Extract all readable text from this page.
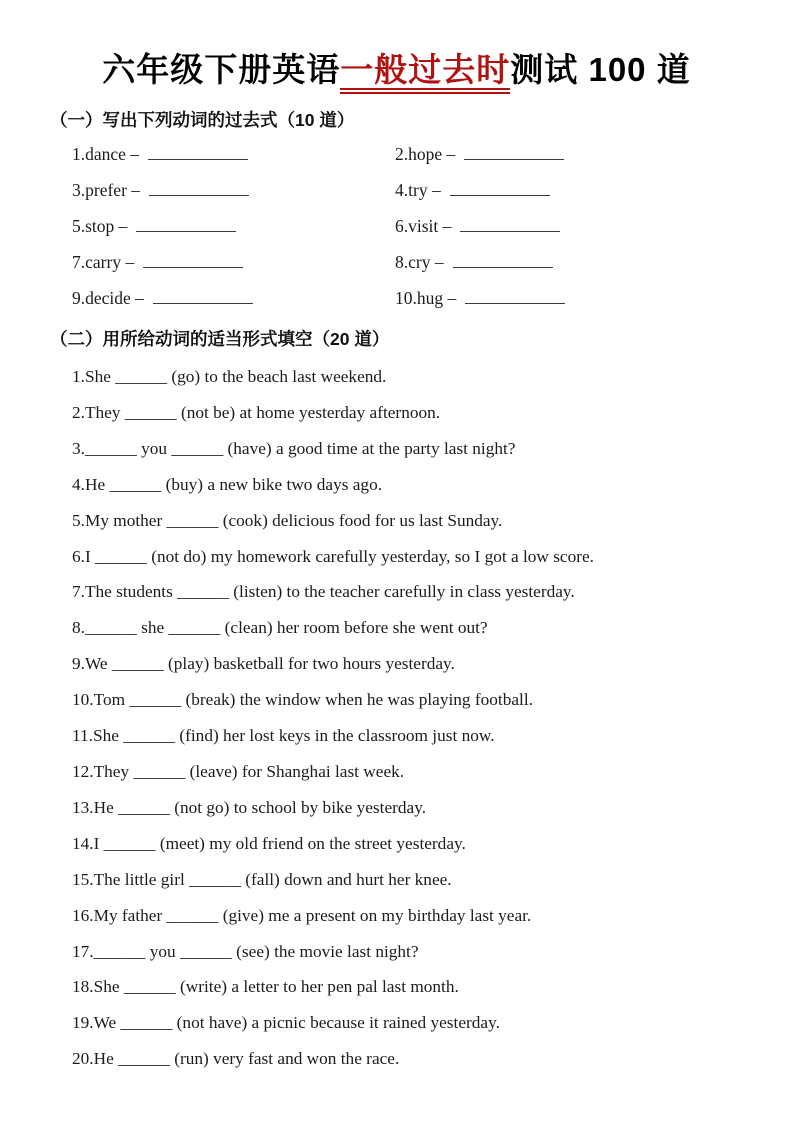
六年级下册英语一般过去时测试 100 道
（一）写出下列动词的过去式（10 道）
1.dance –	2.hope –
3.prefer –	4.try –
5.stop –	6.visit –
7.carry –	8.cry –
9.decide –	10.hug –
（二）用所给动词的适当形式填空（20 道）

1.She ______ (go) to the beach last weekend.

2.They ______ (not be) at home yesterday afternoon.

3.______ you ______ (have) a good time at the party last night?

4.He ______ (buy) a new bike two days ago.

5.My mother ______ (cook) delicious food for us last Sunday.

6.I ______ (not do) my homework carefully yesterday, so I got a low score.

7.The students ______ (listen) to the teacher carefully in class yesterday.

8.______ she ______ (clean) her room before she went out?

9.We ______ (play) basketball for two hours yesterday.

10.Tom ______ (break) the window when he was playing football.

11.She ______ (find) her lost keys in the classroom just now.

12.They ______ (leave) for Shanghai last week.

13.He ______ (not go) to school by bike yesterday.

14.I ______ (meet) my old friend on the street yesterday.

15.The little girl ______ (fall) down and hurt her knee.

16.My father ______ (give) me a present on my birthday last year.

17.______ you ______ (see) the movie last night?

18.She ______ (write) a letter to her pen pal last month.

19.We ______ (not have) a picnic because it rained yesterday.

20.He ______ (run) very fast and won the race.
